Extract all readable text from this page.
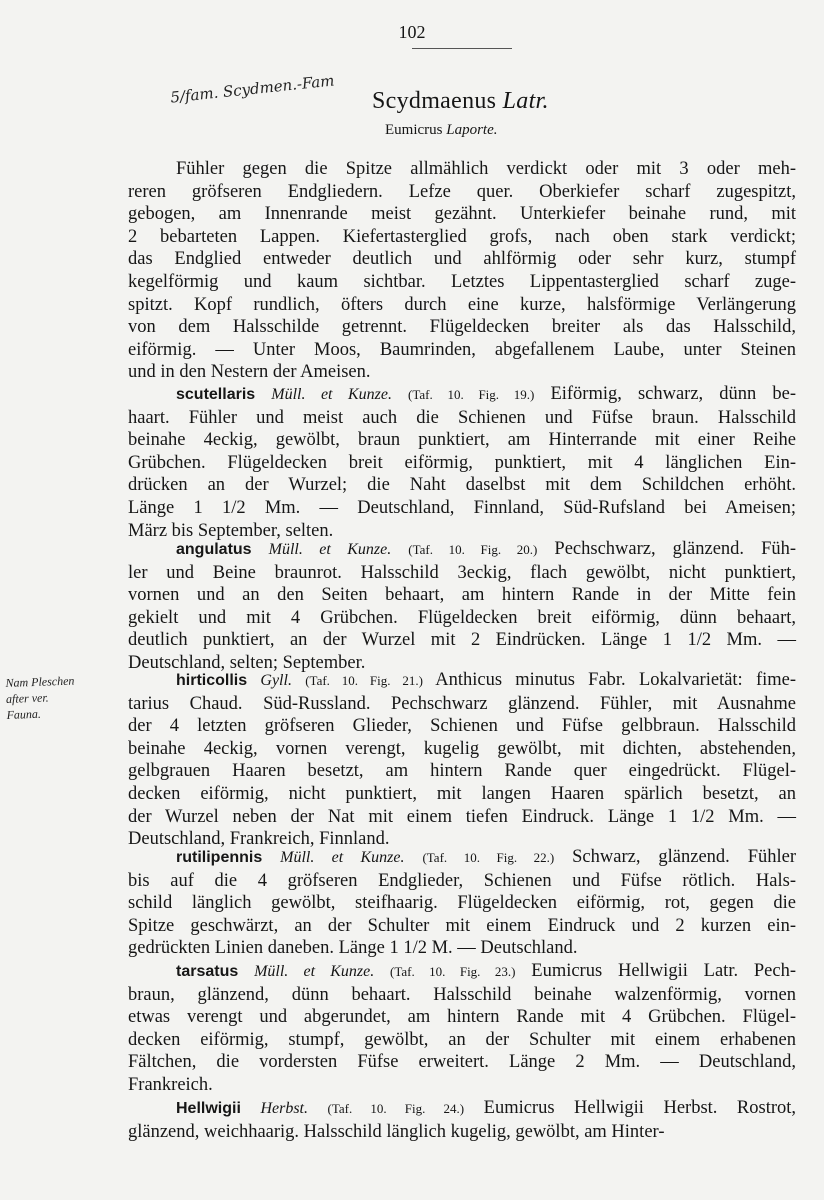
102
5/fam. Scydmen.-Fam Scydmaenus Latr.
Eumicrus Laporte.
Fühler gegen die Spitze allmählich verdickt oder mit 3 oder meh-
reren gröfseren Endgliedern. Lefze quer. Oberkiefer scharf zugespitzt,
gebogen, am Innenrande meist gezähnt. Unterkiefer beinahe rund, mit
2 bebarteten Lappen. Kiefertasterglied grofs, nach oben stark verdickt;
das Endglied entweder deutlich und ahlförmig oder sehr kurz, stumpf
kegelförmig und kaum sichtbar. Letztes Lippentasterglied scharf zuge-
spitzt. Kopf rundlich, öfters durch eine kurze, halsförmige Verlängerung
von dem Halsschilde getrennt. Flügeldecken breiter als das Halsschild,
eiförmig. — Unter Moos, Baumrinden, abgefallenem Laube, unter Steinen
und in den Nestern der Ameisen.
scutellaris Müll. et Kunze. (Taf. 10. Fig. 19.) Eiförmig, schwarz, dünn be-
haart. Fühler und meist auch die Schienen und Füfse braun. Halsschild
beinahe 4eckig, gewölbt, braun punktiert, am Hinterrande mit einer Reihe
Grübchen. Flügeldecken breit eiförmig, punktiert, mit 4 länglichen Ein-
drücken an der Wurzel; die Naht daselbst mit dem Schildchen erhöht.
Länge 1 1/2 Mm. — Deutschland, Finnland, Süd-Rufsland bei Ameisen;
März bis September, selten.
angulatus Müll. et Kunze. (Taf. 10. Fig. 20.) Pechschwarz, glänzend. Füh-
ler und Beine braunrot. Halsschild 3eckig, flach gewölbt, nicht punktiert,
vornen und an den Seiten behaart, am hintern Rande in der Mitte fein
gekielt und mit 4 Grübchen. Flügeldecken breit eiförmig, dünn behaart,
deutlich punktiert, an der Wurzel mit 2 Eindrücken. Länge 1 1/2 Mm. —
Deutschland, selten; September.
hirticollis Gyll. (Taf. 10. Fig. 21.) Anthicus minutus Fabr. Lokalvarietät: fime-
tarius Chaud. Süd-Russland. Pechschwarz glänzend. Fühler, mit Ausnahme
der 4 letzten gröfseren Glieder, Schienen und Füfse gelbbraun. Halsschild
beinahe 4eckig, vornen verengt, kugelig gewölbt, mit dichten, abstehenden,
gelbgrauen Haaren besetzt, am hintern Rande quer eingedrückt. Flügel-
decken eiförmig, nicht punktiert, mit langen Haaren spärlich besetzt, an
der Wurzel neben der Nat mit einem tiefen Eindruck. Länge 1 1/2 Mm. —
Deutschland, Frankreich, Finnland.
rutilipennis Müll. et Kunze. (Taf. 10. Fig. 22.) Schwarz, glänzend. Fühler
bis auf die 4 gröfseren Endglieder, Schienen und Füfse rötlich. Hals-
schild länglich gewölbt, steifhaarig. Flügeldecken eiförmig, rot, gegen die
Spitze geschwärzt, an der Schulter mit einem Eindruck und 2 kurzen ein-
gedrückten Linien daneben. Länge 1 1/2 M. — Deutschland.
tarsatus Müll. et Kunze. (Taf. 10. Fig. 23.) Eumicrus Hellwigii Latr. Pech-
braun, glänzend, dünn behaart. Halsschild beinahe walzenförmig, vornen
etwas verengt und abgerundet, am hintern Rande mit 4 Grübchen. Flügel-
decken eiförmig, stumpf, gewölbt, an der Schulter mit einem erhabenen
Fältchen, die vordersten Füfse erweitert. Länge 2 Mm. — Deutschland,
Frankreich.
Hellwigii Herbst. (Taf. 10. Fig. 24.) Eumicrus Hellwigii Herbst. Rostrot,
glänzend, weichhaarig. Halsschild länglich kugelig, gewölbt, am Hinter-
Nam Pleschen
after ver.
Fauna.
